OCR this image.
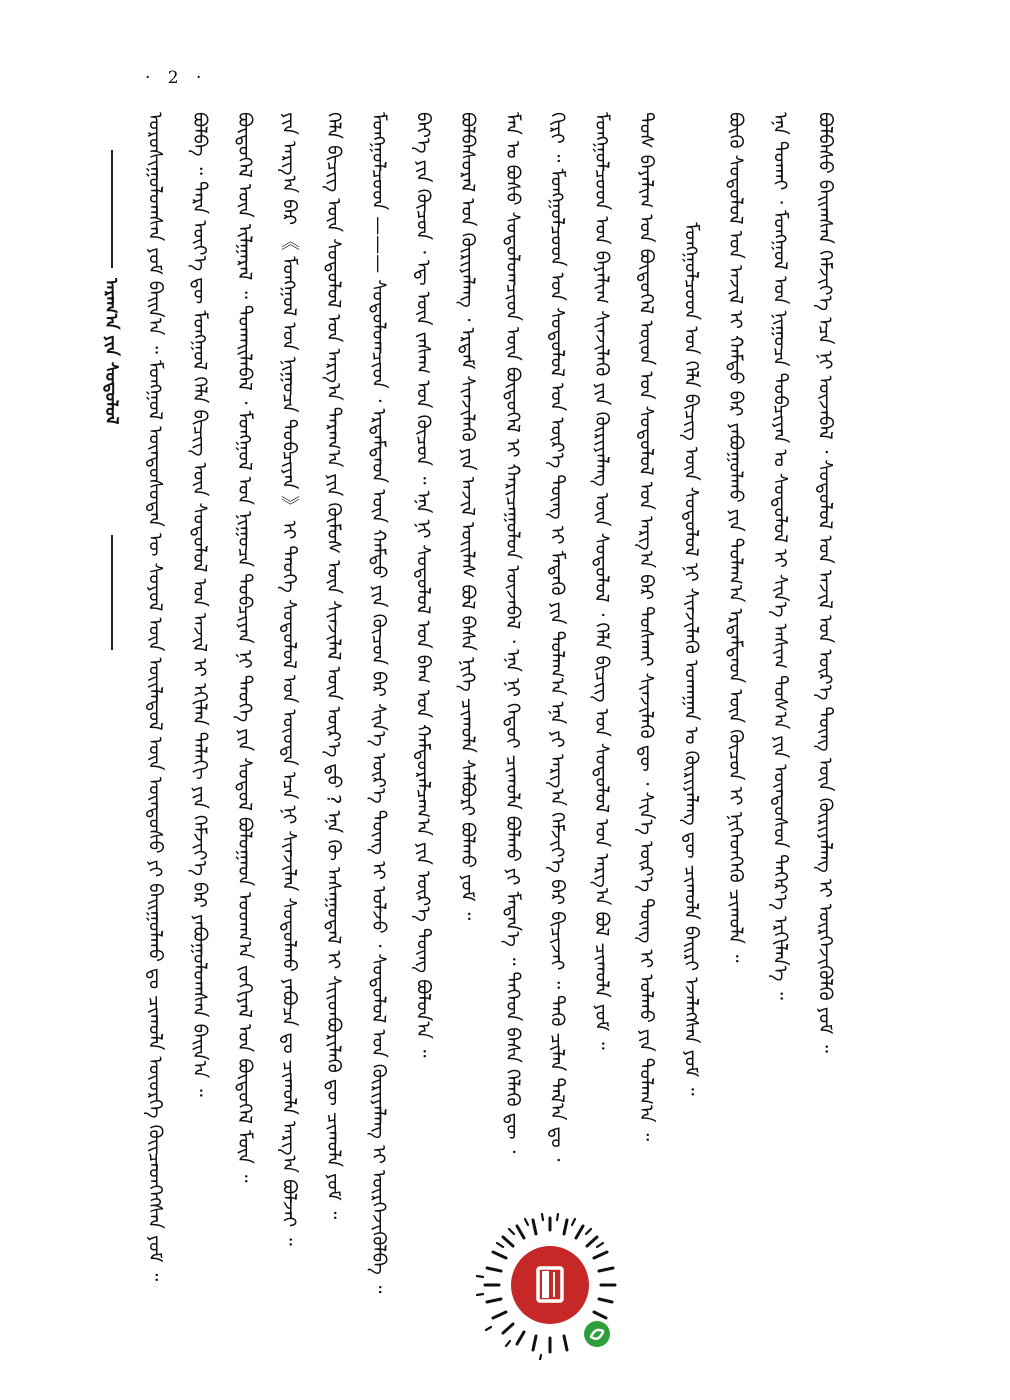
· 2 ·
ᠠᠷᠠᠭ᠎ᠠ ᠶᠢᠨ ᠰᠤᠳᠤᠯᠤᠯ ᠣᠷᠣᠰᠢᠭᠤᠯᠤᠭᠰᠠᠨ ᠶᠤᠮ ᠪᠠᠢᠨ᠎ᠠ ᠃ ᠮᠣᠩᠭᠣᠯ ᠦᠨᠳᠦᠰᠦᠲᠡᠨ ᠦ ᠰᠤᠶᠤᠯ ᠦᠨ ᠦᠢᠯᠡᠳᠦᠯ ᠦᠨ ᠦᠨᠳᠦᠰᠦ ᠶᠢ ᠪᠠᠢᠭᠤᠯᠬᠤ ᠳᠤ ᠴᠢᠬᠤᠯᠠ ᠦᠦᠷᠭᠡ ᠭᠦᠢᠴᠡᠳᠬᠡᠭᠰᠡᠨ ᠶᠤᠮ ᠃ ᠪᠣᠯᠪᠠ ᠃ ᠲᠡᠷᠡ ᠦᠶ᠎ᠡ ᠳᠦ ᠮᠣᠩᠭᠣᠯ ᠬᠡᠯᠡ ᠪᠢᠴᠢᠭ ᠦᠨ ᠰᠤᠳᠤᠯᠤᠯ ᠤᠨ ᠠᠵᠢᠯ ᠢ ᠡᠬᠢᠯᠡᠨ ᠲᠡᠯᠡᠬᠢ ᠶᠢᠨ ᠬᠡᠮᠵᠢᠶ᠎ᠡ ᠪᠡᠷ ᠶᠠᠪᠤᠭᠤᠯᠤᠭᠰᠠᠨ ᠪᠠᠢᠨ᠎ᠠ ᠃ ᠪᠦᠲᠦᠭᠡᠯ ᠦᠨ ᠢᠯᠭᠠᠷᠠᠯ ᠃ ᠲᠤᠬᠠᠢᠯᠠᠪᠠᠯ ᠂ ᠮᠣᠩᠭᠣᠯ ᠤᠨ ᠨᠢᠭᠤᠴᠠ ᠲᠣᠪᠴᠢᠶᠠᠨ ᠨᠢ ᠲᠡᠦᠬᠡ ᠶᠢᠨ ᠰᠤᠳᠤᠯ ᠪᠣᠯᠤᠭᠠᠳ ᠤᠳᠬ᠎ᠠ ᠵᠣᠬᠢᠶᠠᠯ ᠤᠨ ᠪᠦᠲᠦᠭᠡᠯ ᠮᠦᠨ ᠃ ᠶᠢᠨ ᠠᠷᠭ᠎ᠠ ᠪᠠᠷ 《 ᠮᠣᠩᠭᠣᠯ ᠤᠨ ᠨᠢᠭᠤᠴᠠ ᠲᠣᠪᠴᠢᠶᠠᠨ 》 ᠢ ᠲᠡᠦᠬᠡ ᠰᠤᠳᠤᠯᠤᠯ ᠤᠨ ᠦᠦᠳᠡ ᠡᠴᠡ ᠨᠢ ᠰᠢᠨᠵᠢᠯᠡᠨ ᠰᠤᠳᠤᠯᠬᠤ ᠶᠠᠪᠤᠴᠠ ᠳᠤ ᠴᠢᠬᠤᠯᠠ ᠠᠷᠭ᠎ᠠ ᠪᠣᠯᠵᠠᠢ ᠃ ᠬᠡᠯᠡ ᠪᠢᠴᠢᠭ ᠦᠨ ᠰᠤᠳᠤᠯᠤᠯ ᠤᠨ ᠠᠷᠭ᠎ᠠ ᠳᠠᠷᠠᠭ᠎ᠠ ᠶᠢᠨ ᠬᠦᠮᠦᠰ ᠦᠨ ᠰᠢᠨᠵᠢᠯᠡᠯ ᠦᠨ ᠦᠷ᠎ᠡ ᠳ᠋ᠦ ? ᠡᠨᠡ ᠬᠦ ᠠᠰᠠᠭᠤᠳᠠᠯ ᠢ ᠰᠢᠢᠳᠪᠦᠷᠢᠯᠡᠬᠦ ᠳᠦ ᠴᠢᠬᠤᠯᠠ ᠶᠤᠮ ᠃ ᠮᠣᠩᠭᠣᠯᠴᠤᠳ ——— ᠰᠤᠳᠤᠯᠤᠭᠴᠢᠳ ᠂ ᠡᠷᠳᠡᠮᠲᠡᠳ ᠦᠨ ᠬᠠᠮᠲᠤ ᠶᠢᠨ ᠬᠦᠴᠦᠨ ᠪᠡᠷ ᠰᠢᠨ᠎ᠡ ᠦᠷ᠎ᠡ ᠳᠦᠩ ᠢ ᠣᠯᠵᠤ ᠂ ᠰᠤᠳᠤᠯᠤᠯ ᠤᠨ ᠬᠦᠷᠢᠶᠡᠯᠡᠩ ᠢ ᠦᠷᠭᠡᠵᠢᠭᠦᠯᠪᠡ ᠃ ᠪᠡᠶ᠎ᠡ ᠶᠢᠨ ᠬᠦᠴᠦᠨ ᠂ ᠡᠳ᠋ ᠦᠨ ᠵᠠᠰᠠᠭ ᠤᠨ ᠬᠦᠴᠦᠨ ᠃ ᠡᠨᠡ ᠨᠢ ᠰᠤᠳᠤᠯᠤᠯ ᠤᠨ ᠪᠠᠭ ᠤᠨ ᠬᠠᠮᠲᠤᠷᠠᠯᠴᠠᠭ᠎ᠠ ᠶᠢᠨ ᠦᠷ᠎ᠡ ᠳᠦᠩ ᠪᠣᠯᠤᠨ᠎ᠠ ᠃ ᠪᠣᠯᠪᠠᠰᠤᠷᠠᠯ ᠤᠨ ᠬᠦᠷᠢᠶᠡᠯᠡᠩ ᠂ ᠡᠷᠳᠡᠮ ᠰᠢᠨᠵᠢᠯᠡᠬᠦ ᠶᠢᠨ ᠠᠵᠢᠯ ᠦᠢᠯᠡᠰ ᠪᠣᠯ ᠪᠠᠰᠠ ᠨᠢᠭᠡ ᠴᠢᠬᠤᠯᠠ ᠰᠠᠯᠪᠤᠷᠢ ᠪᠣᠯᠬᠤ ᠶᠤᠮ ᠃ ᠮᠠᠨ ᠤ ᠪᠤᠰᠤ ᠰᠤᠳᠤᠯᠤᠭᠴᠢᠳ ᠦᠨ ᠪᠦᠲᠦᠭᠡᠯ ᠢ ᠬᠠᠷᠢᠴᠠᠭᠤᠯᠤᠨ ᠦᠵᠡᠪᠡᠯ ᠂ ᠡᠨᠡ ᠨᠢ ᠬᠡᠳᠦᠢ ᠴᠢᠬᠤᠯᠠ ᠪᠣᠯᠬᠤ ᠶᠢ ᠮᠡᠳᠡᠨ᠎ᠡ ᠃ ᠲᠡᠭᠡᠳ ᠪᠠᠰᠠ ᠬᠡᠯᠡᠬᠦ ᠳᠦ ᠂ ᠬᠢᠷᠢ ᠃ ᠮᠣᠩᠭᠣᠯᠴᠤᠳ ᠤᠨ ᠰᠤᠳᠤᠯᠤᠯ ᠤᠨ ᠦᠷ᠎ᠡ ᠳᠦᠩ ᠢ ᠮᠡᠳᠡᠬᠦ ᠶᠢᠨ ᠲᠤᠯᠠᠭ᠎ᠠ ᠡᠨᠡ ᠶᠢ ᠠᠷᠭ᠎ᠠ ᠬᠡᠮᠵᠢᠶ᠎ᠡ ᠪᠡᠷ ᠪᠢᠴᠢᠵᠡᠢ ᠃ ᠲᠡᠬᠦ ᠴᠢᠯᠡᠨ ᠲᠠᠯ᠎ᠠ ᠳᠤ ᠂ ᠮᠣᠩᠭᠣᠯᠴᠤᠳ ᠤᠨ ᠪᠠᠶᠠᠯᠢᠭ ᠰᠢᠨᠵᠢᠯᠡᠬᠦ ᠶᠢᠨ ᠬᠦᠷᠢᠶᠡᠯᠡᠩ ᠦᠨ ᠰᠤᠳᠤᠯᠤᠯ ᠂ ᠬᠡᠯᠡ ᠪᠢᠴᠢᠭ ᠤᠨ ᠰᠤᠳᠤᠯᠤᠯ ᠤᠨ ᠠᠷᠭ᠎ᠠ ᠪᠣᠯ ᠴᠢᠬᠤᠯᠠ ᠶᠤᠮ ᠃ ᠲᠤᠰ ᠪᠠᠶᠠᠯᠢᠭ ᠤᠨ ᠪᠦᠲᠦᠭᠡᠯ ᠦᠳ ᠤᠨ ᠰᠤᠳᠤᠯᠤᠯ ᠤᠨ ᠠᠷᠭ᠎ᠠ ᠪᠠᠷ ᠲᠤᠰᠬᠠᠢ ᠰᠢᠨᠵᠢᠯᠡᠬᠦ ᠳᠦ ᠂ ᠰᠢᠨ᠎ᠡ ᠦᠷ᠎ᠡ ᠳᠦᠩ ᠢ ᠣᠯᠬᠤ ᠶᠢᠨ ᠲᠤᠯᠠᠭ᠎ᠠ ᠃ ᠮᠣᠩᠭᠣᠯᠴᠤᠳ ᠤᠨ ᠬᠡᠯᠡ ᠪᠢᠴᠢᠭ ᠦᠨ ᠰᠤᠳᠤᠯᠤᠯ ᠨᠢ ᠰᠢᠨᠵᠢᠯᠡᠬᠦ ᠤᠬᠠᠭᠠᠨ ᠤ ᠬᠦᠷᠢᠶᠡᠯᠡᠩ ᠳᠦ ᠴᠢᠬᠤᠯᠠ ᠪᠠᠢᠷᠢ ᠡᠵᠡᠯᠡᠭᠰᠡᠨ ᠶᠤᠮ ᠃ ᠪᠦᠬᠦ ᠰᠤᠳᠤᠯᠤᠯ ᠤᠨ ᠠᠵᠢᠯ ᠢ ᠬᠠᠮᠲᠤ ᠪᠡᠷ ᠶᠠᠪᠤᠭᠤᠯᠬᠤ ᠶᠢᠨ ᠲᠤᠯᠠᠭ᠎ᠠ ᠡᠷᠳᠡᠮᠲᠡᠳ ᠦᠨ ᠬᠦᠴᠦᠨ ᠢ ᠨᠢᠭᠡᠳᠬᠡᠬᠦ ᠴᠢᠬᠤᠯᠠ ᠃ ᠡᠨᠡ ᠲᠤᠬᠠᠢ ᠂ ᠮᠣᠩᠭᠣᠯ ᠤᠨ ᠨᠢᠭᠤᠴᠠ ᠲᠣᠪᠴᠢᠶᠠᠨ ᠤ ᠰᠤᠳᠤᠯᠤᠯ ᠢ ᠰᠢᠨ᠎ᠡ ᠠᠰᠢᠭ ᠲᠤᠰ᠎ᠠ ᠶᠢᠨ ᠦᠨᠳᠦᠰᠦᠨ ᠳᠡᠭᠡᠷ᠎ᠡ ᠡᠷᠬᠢᠯᠡᠨ᠎ᠡ ᠃ ᠪᠣᠯᠪᠠᠰᠤ ᠪᠠᠢᠭᠰᠠᠨ ᠬᠡᠮᠵᠢᠶ᠎ᠡ ᠡᠴᠡ ᠨᠢ ᠦᠵᠡᠪᠡᠯ ᠂ ᠰᠤᠳᠤᠯᠤᠯ ᠤᠨ ᠠᠵᠢᠯ ᠤᠨ ᠦᠷ᠎ᠡ ᠳᠦᠩ ᠦᠨ ᠬᠦᠷᠢᠶᠡᠯᠡᠩ ᠢ ᠦᠷᠭᠡᠵᠢᠭᠦᠯᠬᠦ ᠶᠤᠮ ᠃
